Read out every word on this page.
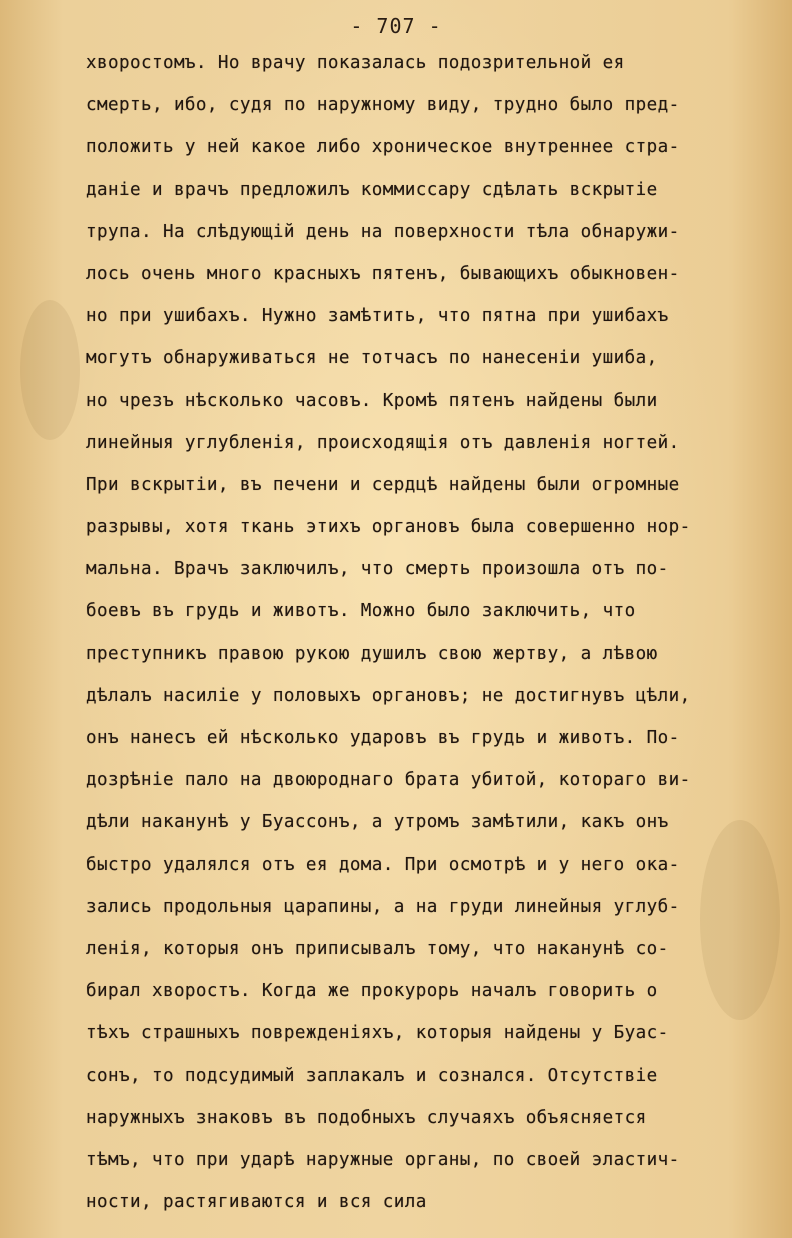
- 707 -
хворостомъ. Но врачу показалась подозрительной ея
смерть, ибо, судя по наружному виду, трудно было пред-
положить у ней какое либо хроническое внутреннее стра-
даніе и врачъ предложилъ коммиссару сдѣлать вскрытіе
трупа. На слѣдующій день на поверхности тѣла обнаружи-
лось очень много красныхъ пятенъ, бывающихъ обыкновен-
но при ушибахъ. Нужно замѣтить, что пятна при ушибахъ
могутъ обнаруживаться не тотчасъ по нанесеніи ушиба,
но чрезъ нѣсколько часовъ. Кромѣ пятенъ найдены были
линейныя углубленія, происходящія отъ давленія ногтей.
При вскрытіи, въ печени и сердцѣ найдены были огромные
разрывы, хотя ткань этихъ органовъ была совершенно нор-
мальна. Врачъ заключилъ, что смерть произошла отъ по-
боевъ въ грудь и животъ. Можно было заключить, что
преступникъ правою рукою душилъ свою жертву, а лѣвою
дѣлалъ насиліе у половыхъ органовъ; не достигнувъ цѣли,
онъ нанесъ ей нѣсколько ударовъ въ грудь и животъ. По-
дозрѣніе пало на двоюроднаго брата убитой, котораго ви-
дѣли наканунѣ у Буассонъ, а утромъ замѣтили, какъ онъ
быстро удалялся отъ ея дома. При осмотрѣ и у него ока-
зались продольныя царапины, а на груди линейныя углуб-
ленія, которыя онъ приписывалъ тому, что наканунѣ со-
бирал хворостъ. Когда же прокурорь началъ говорить о
тѣхъ страшныхъ поврежденіяхъ, которыя найдены у Буас-
сонъ, то подсудимый заплакалъ и сознался. Отсутствіе
наружныхъ знаковъ въ подобныхъ случаяхъ объясняется
тѣмъ, что при ударѣ наружные органы, по своей эластич-
ности, растягиваются и вся сила
